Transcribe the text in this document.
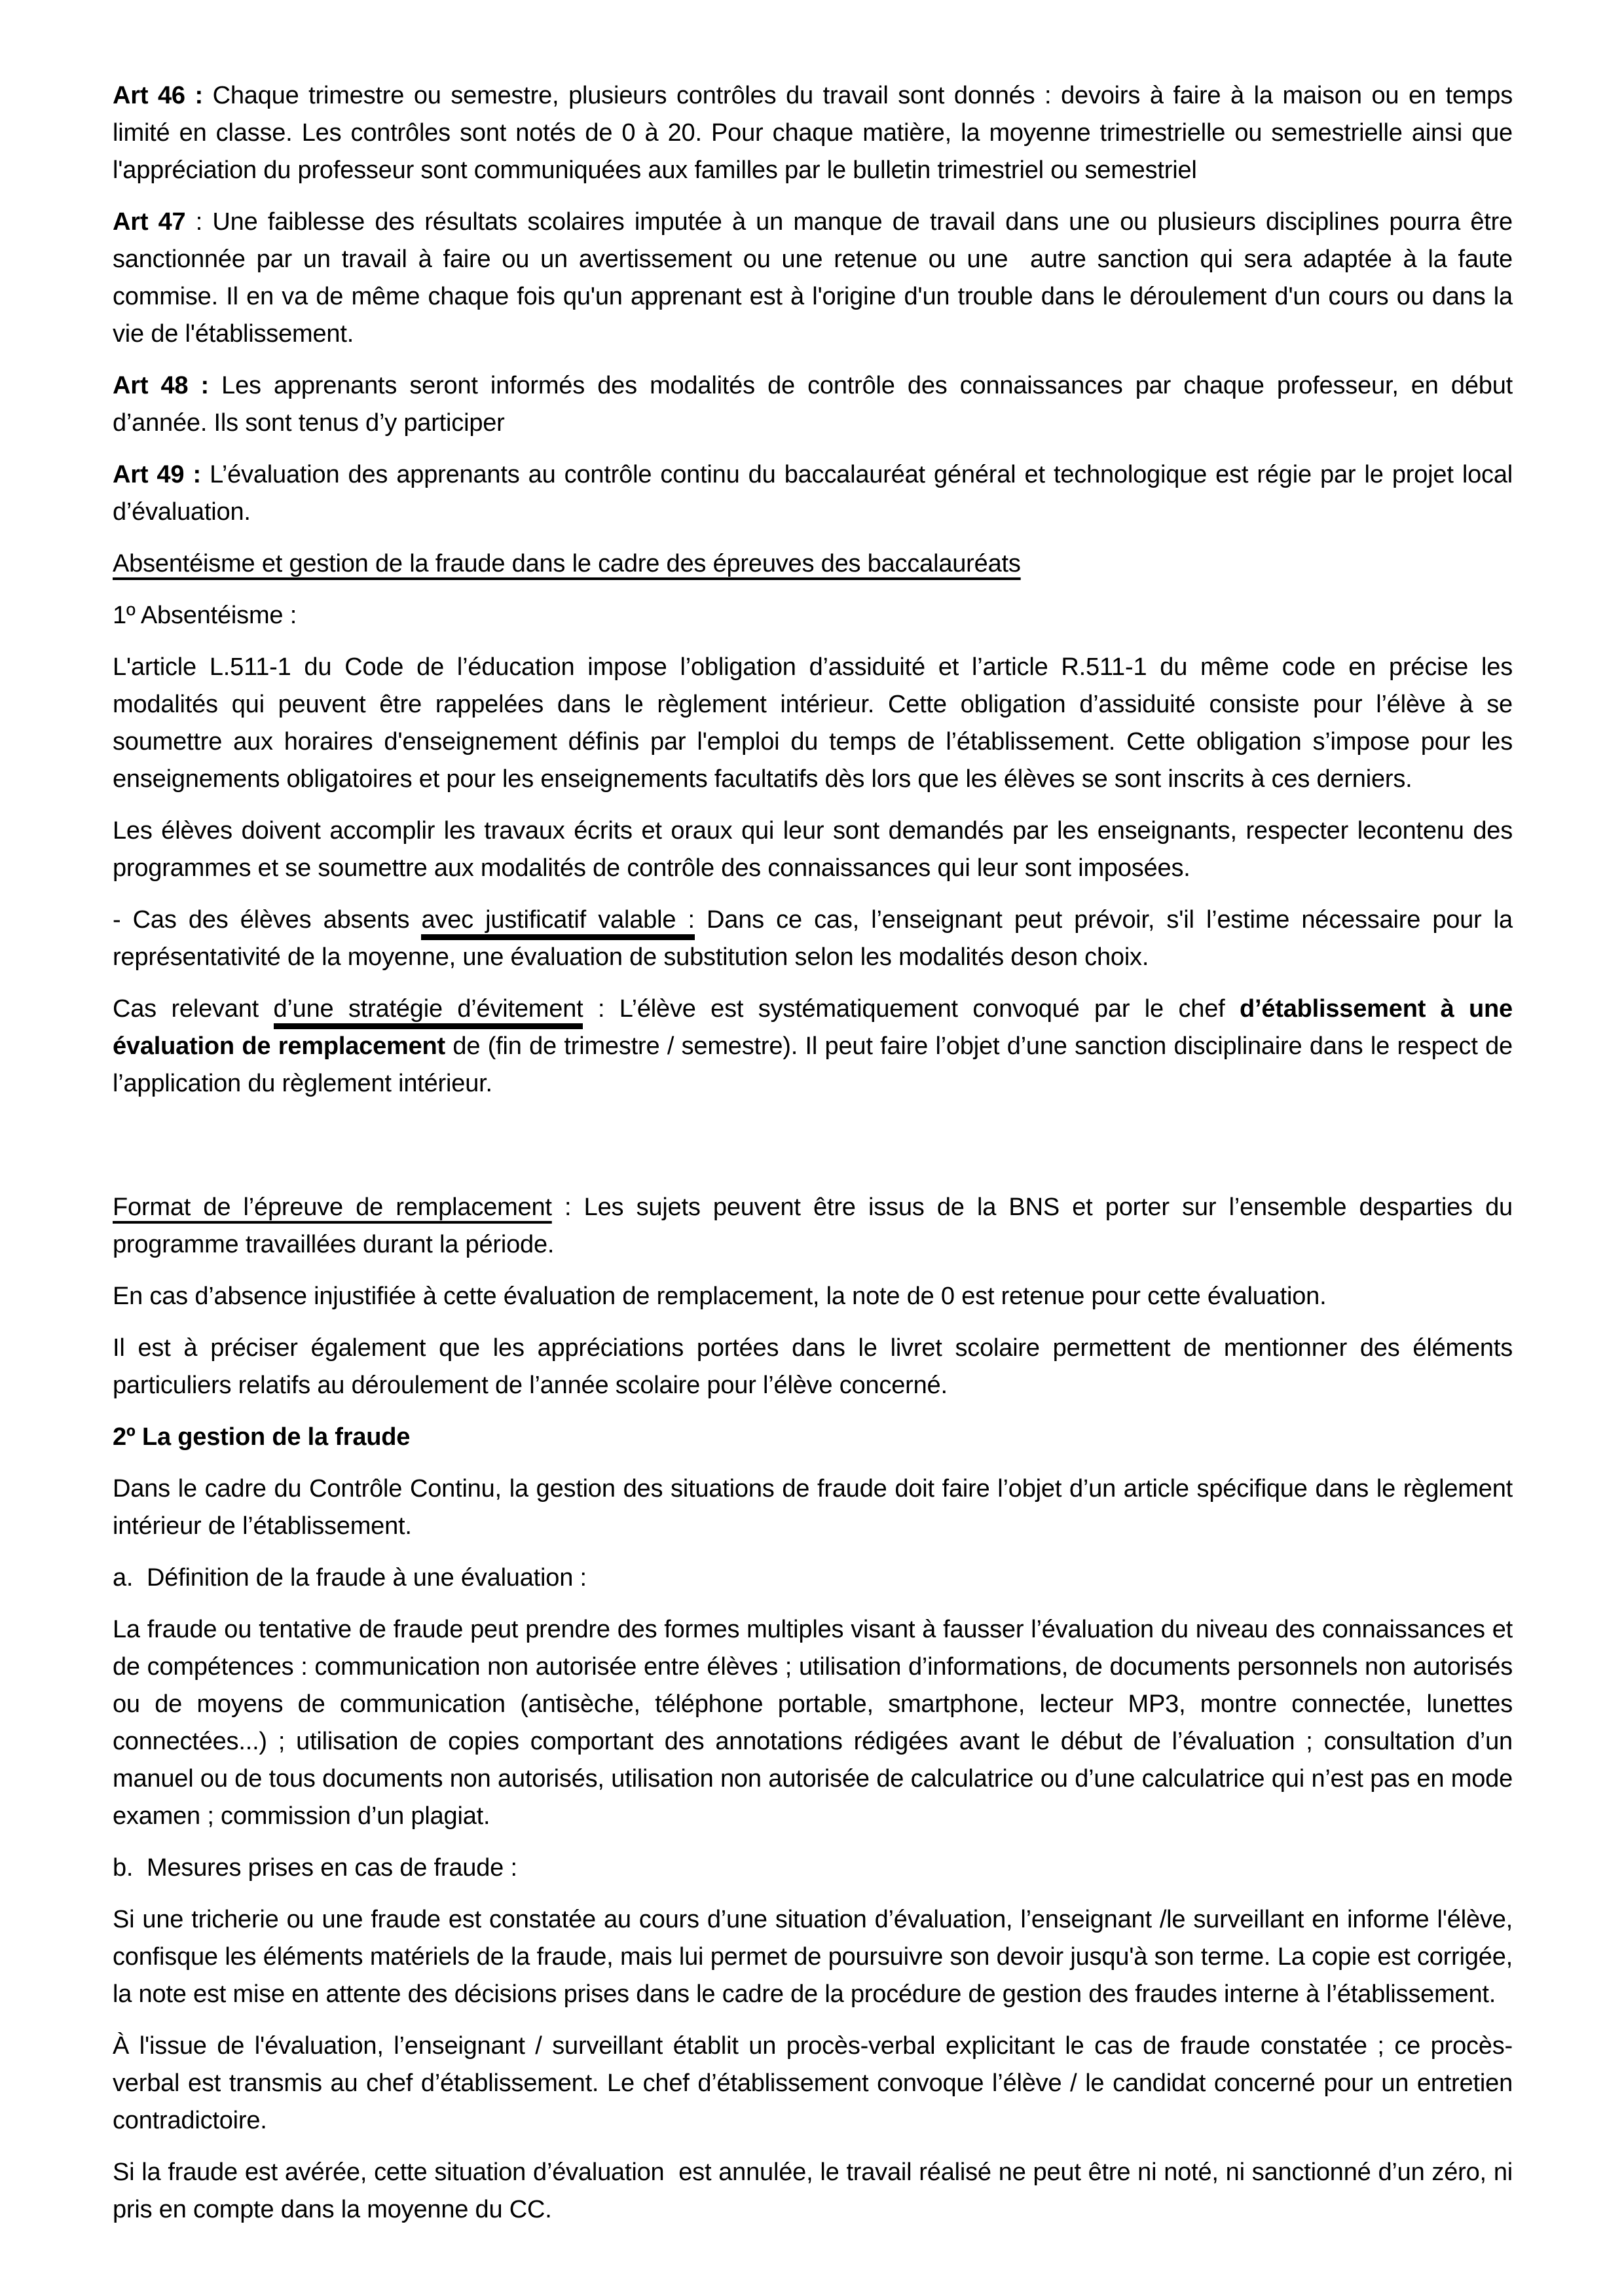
Art 46 : Chaque trimestre ou semestre, plusieurs contrôles du travail sont donnés : devoirs à faire à la maison ou en temps limité en classe. Les contrôles sont notés de 0 à 20. Pour chaque matière, la moyenne trimestrielle ou semestrielle ainsi que l'appréciation du professeur sont communiquées aux familles par le bulletin trimestriel ou semestriel

Art 47 : Une faiblesse des résultats scolaires imputée à un manque de travail dans une ou plusieurs disciplines pourra être sanctionnée par un travail à faire ou un avertissement ou une retenue ou une  autre sanction qui sera adaptée à la faute commise. Il en va de même chaque fois qu'un apprenant est à l'origine d'un trouble dans le déroulement d'un cours ou dans la vie de l'établissement.

Art 48 : Les apprenants seront informés des modalités de contrôle des connaissances par chaque professeur, en début d’année. Ils sont tenus d’y participer

Art 49 : L’évaluation des apprenants au contrôle continu du baccalauréat général et technologique est régie par le projet local d’évaluation.

Absentéisme et gestion de la fraude dans le cadre des épreuves des baccalauréats

1º Absentéisme :

L'article L.511-1 du Code de l’éducation impose l’obligation d’assiduité et l’article R.511-1 du même code en précise les modalités qui peuvent être rappelées dans le règlement intérieur. Cette obligation d’assiduité consiste pour l’élève à se soumettre aux horaires d'enseignement définis par l'emploi du temps de l’établissement. Cette obligation s’impose pour les enseignements obligatoires et pour les enseignements facultatifs dès lors que les élèves se sont inscrits à ces derniers.

Les élèves doivent accomplir les travaux écrits et oraux qui leur sont demandés par les enseignants, respecter lecontenu des programmes et se soumettre aux modalités de contrôle des connaissances qui leur sont imposées.

- Cas des élèves absents avec justificatif valable : Dans ce cas, l’enseignant peut prévoir, s'il l’estime nécessaire pour la représentativité de la moyenne, une évaluation de substitution selon les modalités deson choix.

Cas relevant d’une stratégie d’évitement : L’élève est systématiquement convoqué par le chef d’établissement à une évaluation de remplacement de (fin de trimestre / semestre). Il peut faire l’objet d’une sanction disciplinaire dans le respect de l’application du règlement intérieur.

Format de l’épreuve de remplacement : Les sujets peuvent être issus de la BNS et porter sur l’ensemble desparties du programme travaillées durant la période.

En cas d’absence injustifiée à cette évaluation de remplacement, la note de 0 est retenue pour cette évaluation.

Il est à préciser également que les appréciations portées dans le livret scolaire permettent de mentionner des éléments particuliers relatifs au déroulement de l’année scolaire pour l’élève concerné.

2º La gestion de la fraude

Dans le cadre du Contrôle Continu, la gestion des situations de fraude doit faire l’objet d’un article spécifique dans le règlement intérieur de l’établissement.

a.  Définition de la fraude à une évaluation :

La fraude ou tentative de fraude peut prendre des formes multiples visant à fausser l’évaluation du niveau des connaissances et de compétences : communication non autorisée entre élèves ; utilisation d’informations, de documents personnels non autorisés ou de moyens de communication (antisèche, téléphone portable, smartphone, lecteur MP3, montre connectée, lunettes connectées...) ; utilisation de copies comportant des annotations rédigées avant le début de l’évaluation ; consultation d’un manuel ou de tous documents non autorisés, utilisation non autorisée de calculatrice ou d’une calculatrice qui n’est pas en mode examen ; commission d’un plagiat.

b.  Mesures prises en cas de fraude :

Si une tricherie ou une fraude est constatée au cours d’une situation d’évaluation, l’enseignant /le surveillant en informe l'élève, confisque les éléments matériels de la fraude, mais lui permet de poursuivre son devoir jusqu'à son terme. La copie est corrigée, la note est mise en attente des décisions prises dans le cadre de la procédure de gestion des fraudes interne à l’établissement.

À l'issue de l'évaluation, l’enseignant / surveillant établit un procès-verbal explicitant le cas de fraude constatée ; ce procès-verbal est transmis au chef d’établissement. Le chef d’établissement convoque l’élève / le candidat concerné pour un entretien contradictoire.

Si la fraude est avérée, cette situation d’évaluation  est annulée, le travail réalisé ne peut être ni noté, ni sanctionné d’un zéro, ni pris en compte dans la moyenne du CC.
